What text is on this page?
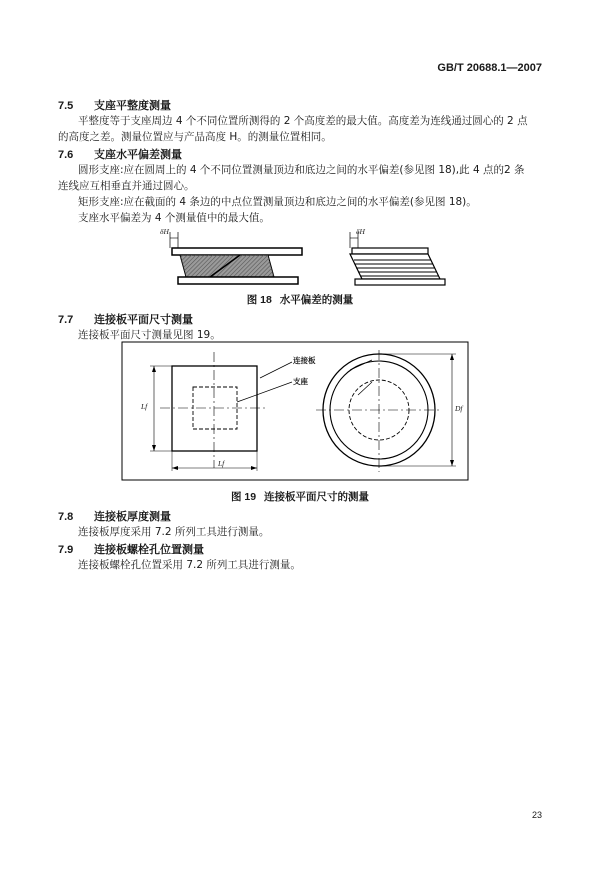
GB/T 20688.1—2007
7.5 支座平整度测量
平整度等于支座周边 4 个不同位置所测得的 2 个高度差的最大值。高度差为连线通过圆心的 2 点
的高度之差。测量位置应与产品高度 H。的测量位置相同。
7.6 支座水平偏差测量
圆形支座:应在圆周上的 4 个不同位置测量顶边和底边之间的水平偏差(参见图 18),此 4 点的2 条
连线应互相垂直并通过圆心。
矩形支座:应在截面的 4 条边的中点位置测量顶边和底边之间的水平偏差(参见图 18)。
支座水平偏差为 4 个测量值中的最大值。
δH	δH
图 18 水平偏差的测量
7.7 连接板平面尺寸测量
连接板平面尺寸测量见图 19。
连接板
支座
Lf
Lf
Df
图 19 连接板平面尺寸的测量
7.8 连接板厚度测量
连接板厚度采用 7.2 所列工具进行测量。
7.9 连接板螺栓孔位置测量
连接板螺栓孔位置采用 7.2 所列工具进行测量。
23
